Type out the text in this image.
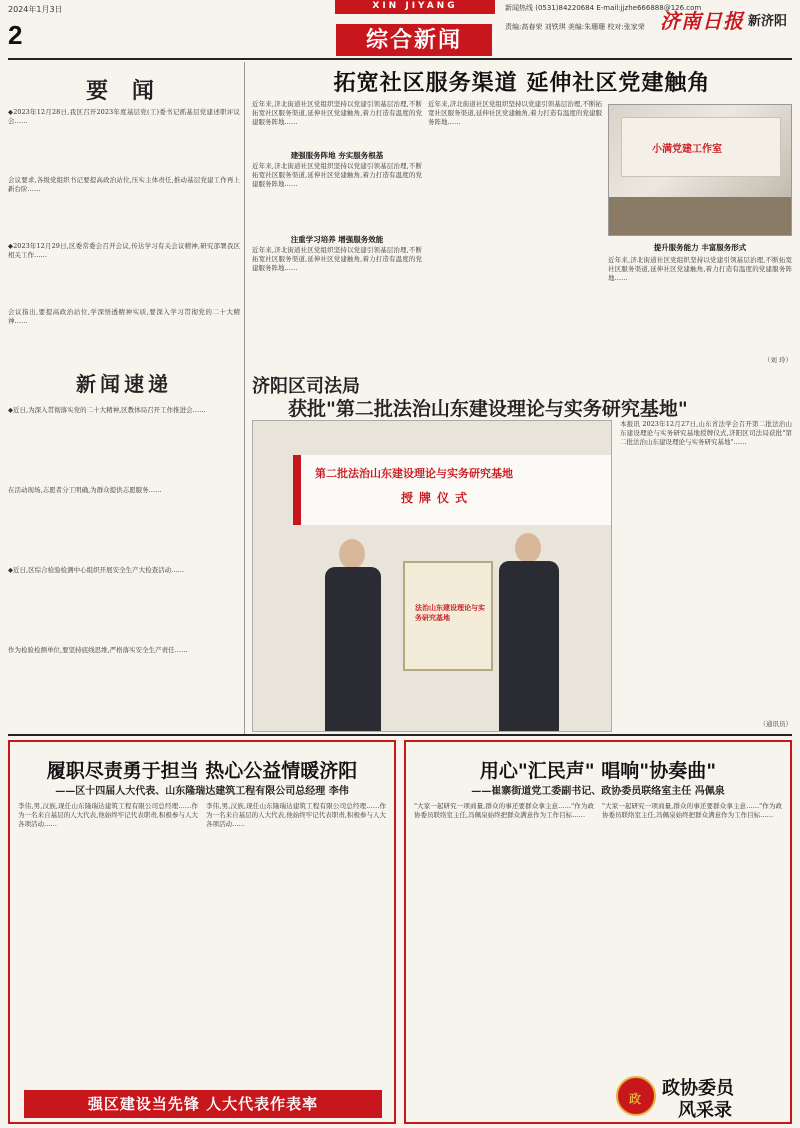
2024年1月3日
2
XIN JIYANG	新闻热线 (0531)84220684 E-mail:jjzhe666888@126.com
济南日报 新济阳
综合新闻	责编:高春荣 刘铁琪 美编:朱珊珊 校对:张家荣
要 闻
◆2023年12月28日,我区召开2023年度基层党(工)委书记抓基层党建述职评议会……
会议要求,各级党组织书记要提高政治站位,压实主体责任,推动基层党建工作再上新台阶……
◆2023年12月29日,区委常委会召开会议,传达学习有关会议精神,研究部署我区相关工作……
会议指出,要提高政治站位,学深悟透精神实质,要深入学习贯彻党的二十大精神……
新闻速递
◆近日,为深入贯彻落实党的二十大精神,区教体局召开工作推进会……
在活动现场,志愿者分工明确,为群众提供志愿服务……
◆近日,区综合检验检测中心组织开展安全生产大检查活动……
作为检验检测单位,要坚持底线思维,严格落实安全生产责任……
拓宽社区服务渠道 延伸社区党建触角
近年来,济北街道社区党组织坚持以党建引领基层治理,不断拓宽社区服务渠道,延伸社区党建触角,着力打造有温度的党建服务阵地……
建强服务阵地 夯实服务根基
近年来,济北街道社区党组织坚持以党建引领基层治理,不断拓宽社区服务渠道,延伸社区党建触角,着力打造有温度的党建服务阵地……
注重学习培养 增强服务效能
近年来,济北街道社区党组织坚持以党建引领基层治理,不断拓宽社区服务渠道,延伸社区党建触角,着力打造有温度的党建服务阵地……
近年来,济北街道社区党组织坚持以党建引领基层治理,不断拓宽社区服务渠道,延伸社区党建触角,着力打造有温度的党建服务阵地……
小满党建工作室
提升服务能力 丰富服务形式
近年来,济北街道社区党组织坚持以党建引领基层治理,不断拓宽社区服务渠道,延伸社区党建触角,着力打造有温度的党建服务阵地……
（刘 玲）
济阳区司法局
获批"第二批法治山东建设理论与实务研究基地"
第二批法治山东建设理论与实务研究基地
授牌仪式
法治山东建设理论与实务研究基地
本报讯 2023年12月27日,山东省法学会召开第二批法治山东建设理论与实务研究基地授牌仪式,济阳区司法局获批"第二批法治山东建设理论与实务研究基地"……
（通讯员）
履职尽责勇于担当 热心公益情暖济阳
——区十四届人大代表、山东隆瑞达建筑工程有限公司总经理 李伟
李伟,男,汉族,现任山东隆瑞达建筑工程有限公司总经理……作为一名来自基层的人大代表,他始终牢记代表职责,积极参与人大各项活动……
李伟,男,汉族,现任山东隆瑞达建筑工程有限公司总经理……作为一名来自基层的人大代表,他始终牢记代表职责,积极参与人大各项活动……
强区建设当先锋 人大代表作表率
用心"汇民声" 唱响"协奏曲"
——崔寨街道党工委副书记、政协委员联络室主任 冯佩泉
"大家一起研究一项商量,群众的事还要群众拿主意……"作为政协委员联络室主任,冯佩泉始终把群众满意作为工作目标……
"大家一起研究一项商量,群众的事还要群众拿主意……"作为政协委员联络室主任,冯佩泉始终把群众满意作为工作目标……
政 政协委员
风采录
